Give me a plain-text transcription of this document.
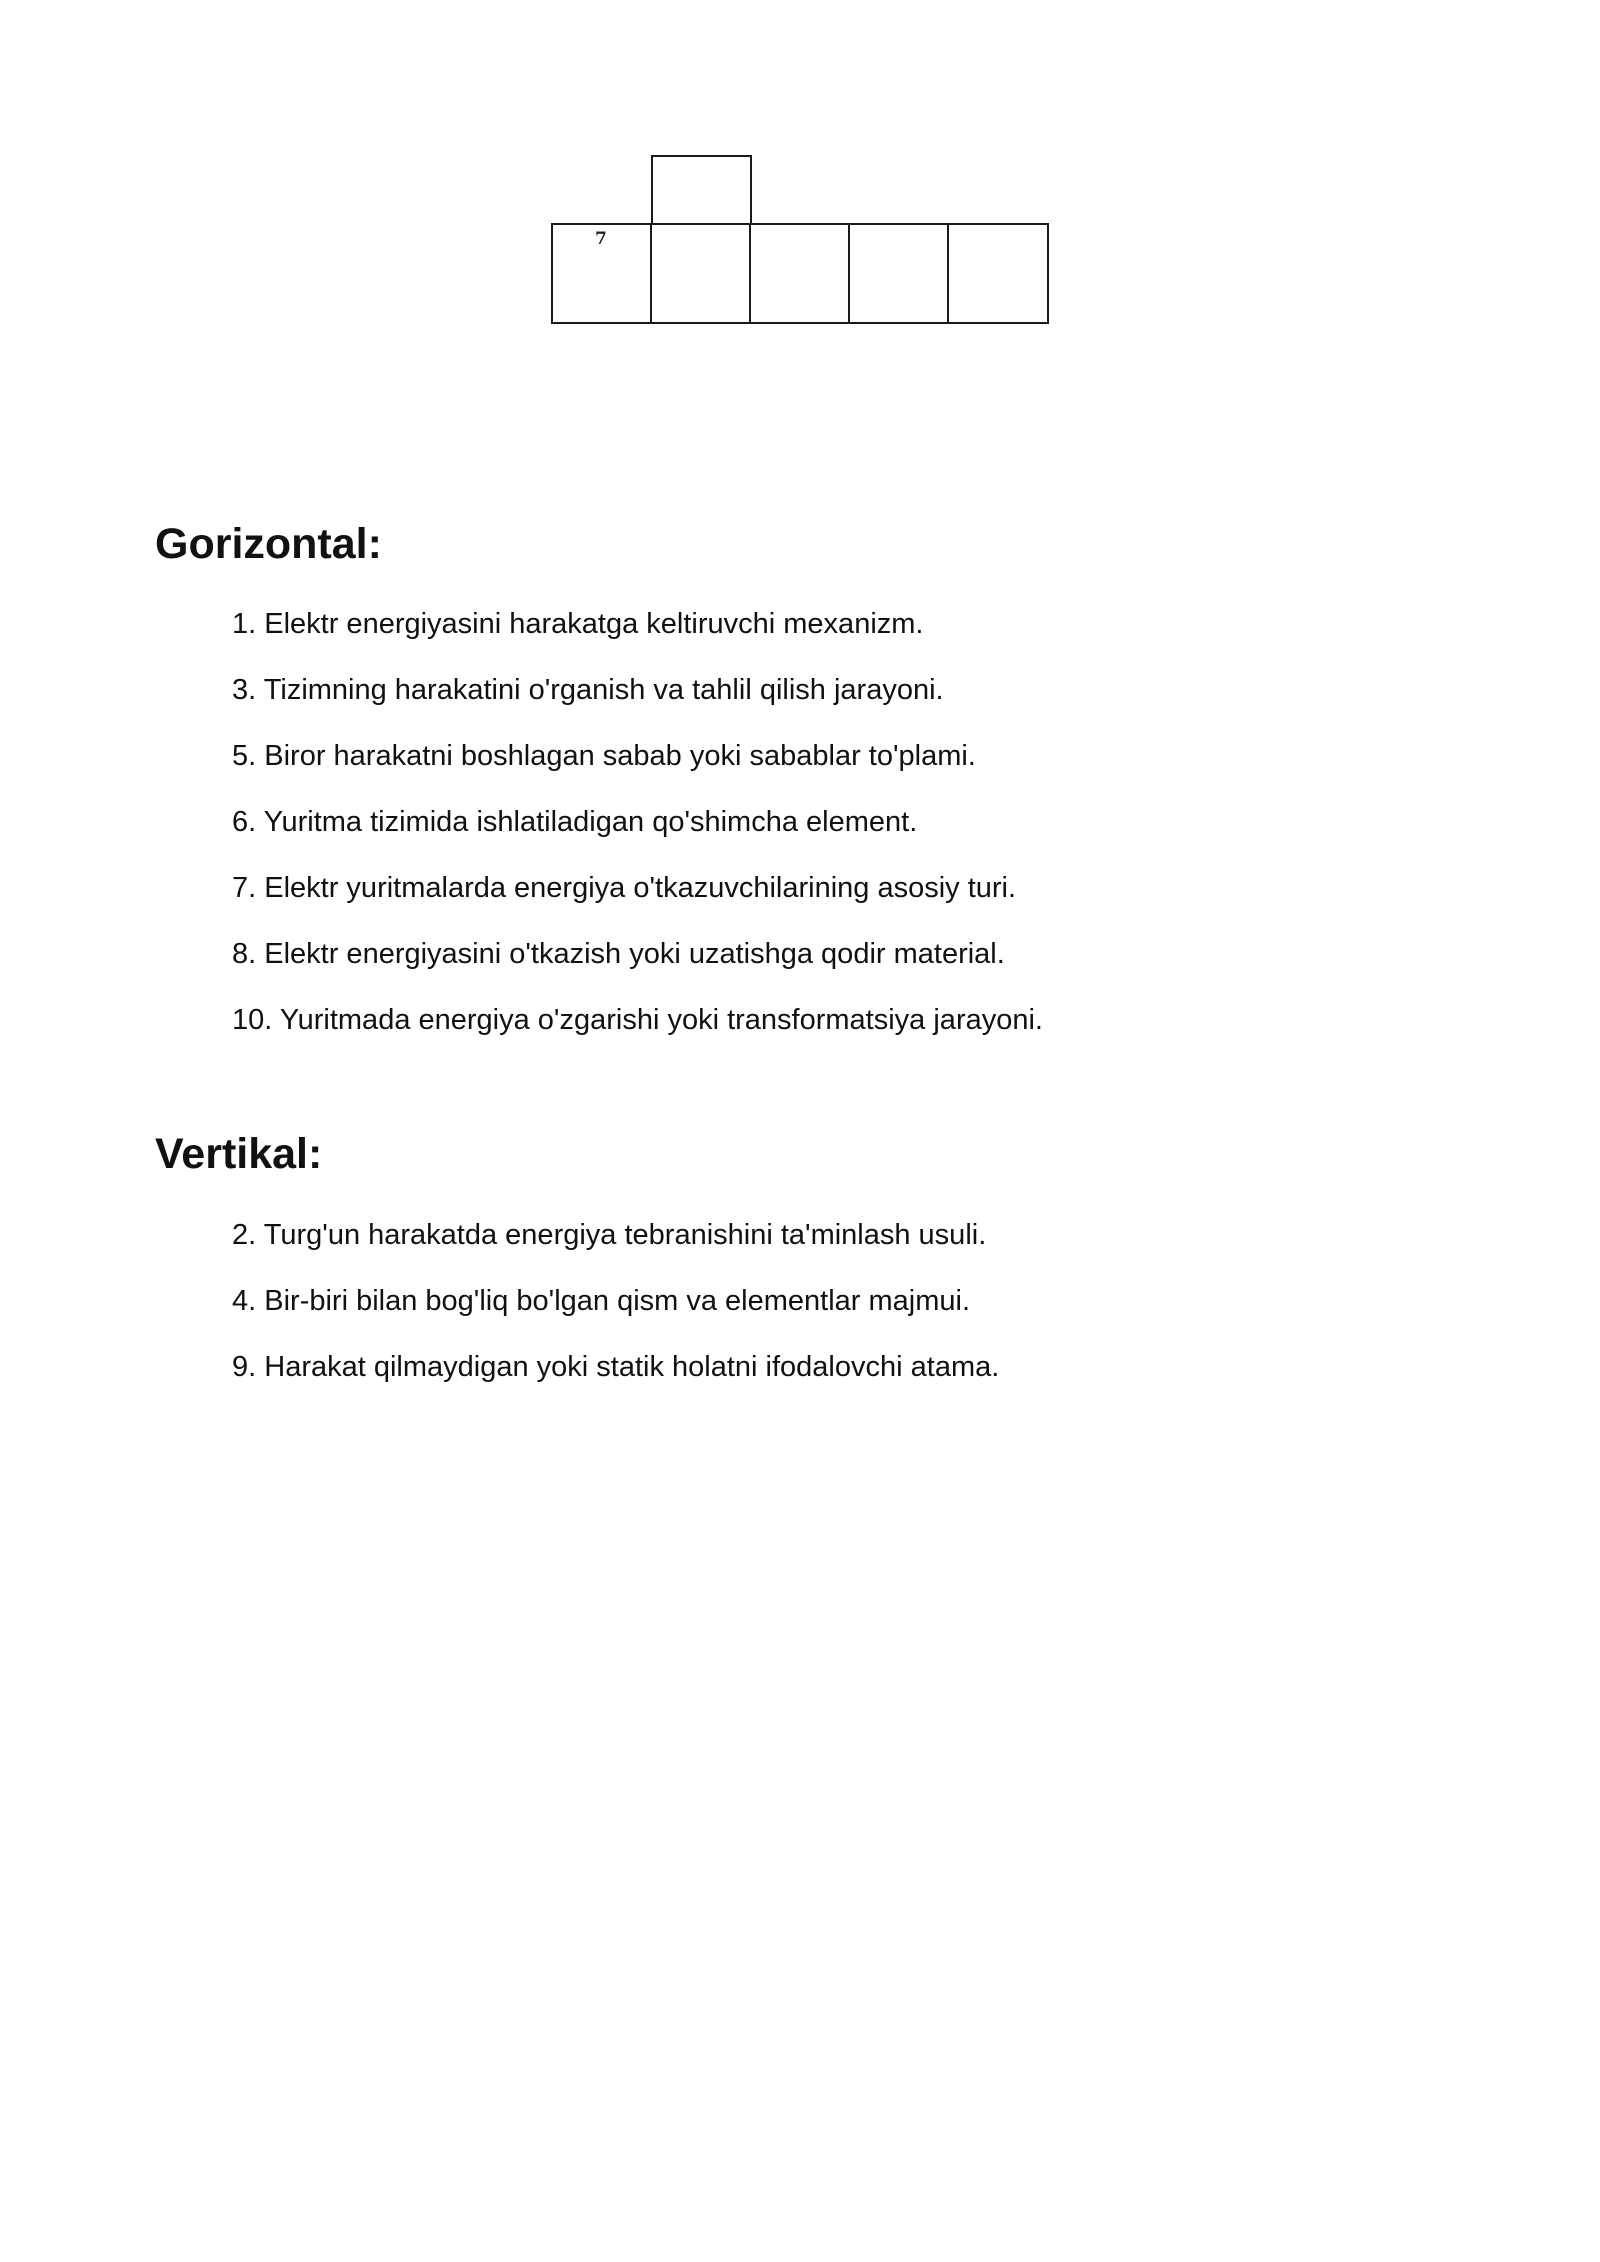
7
Gorizontal:
1. Elektr energiyasini harakatga keltiruvchi mexanizm.
3. Tizimning harakatini o'rganish va tahlil qilish jarayoni.
5. Biror harakatni boshlagan sabab yoki sabablar to'plami.
6. Yuritma tizimida ishlatiladigan qo'shimcha element.
7. Elektr yuritmalarda energiya o'tkazuvchilarining asosiy turi.
8. Elektr energiyasini o'tkazish yoki uzatishga qodir material.
10. Yuritmada energiya o'zgarishi yoki transformatsiya jarayoni.
Vertikal:
2. Turg'un harakatda energiya tebranishini ta'minlash usuli.
4. Bir-biri bilan bog'liq bo'lgan qism va elementlar majmui.
9. Harakat qilmaydigan yoki statik holatni ifodalovchi atama.
